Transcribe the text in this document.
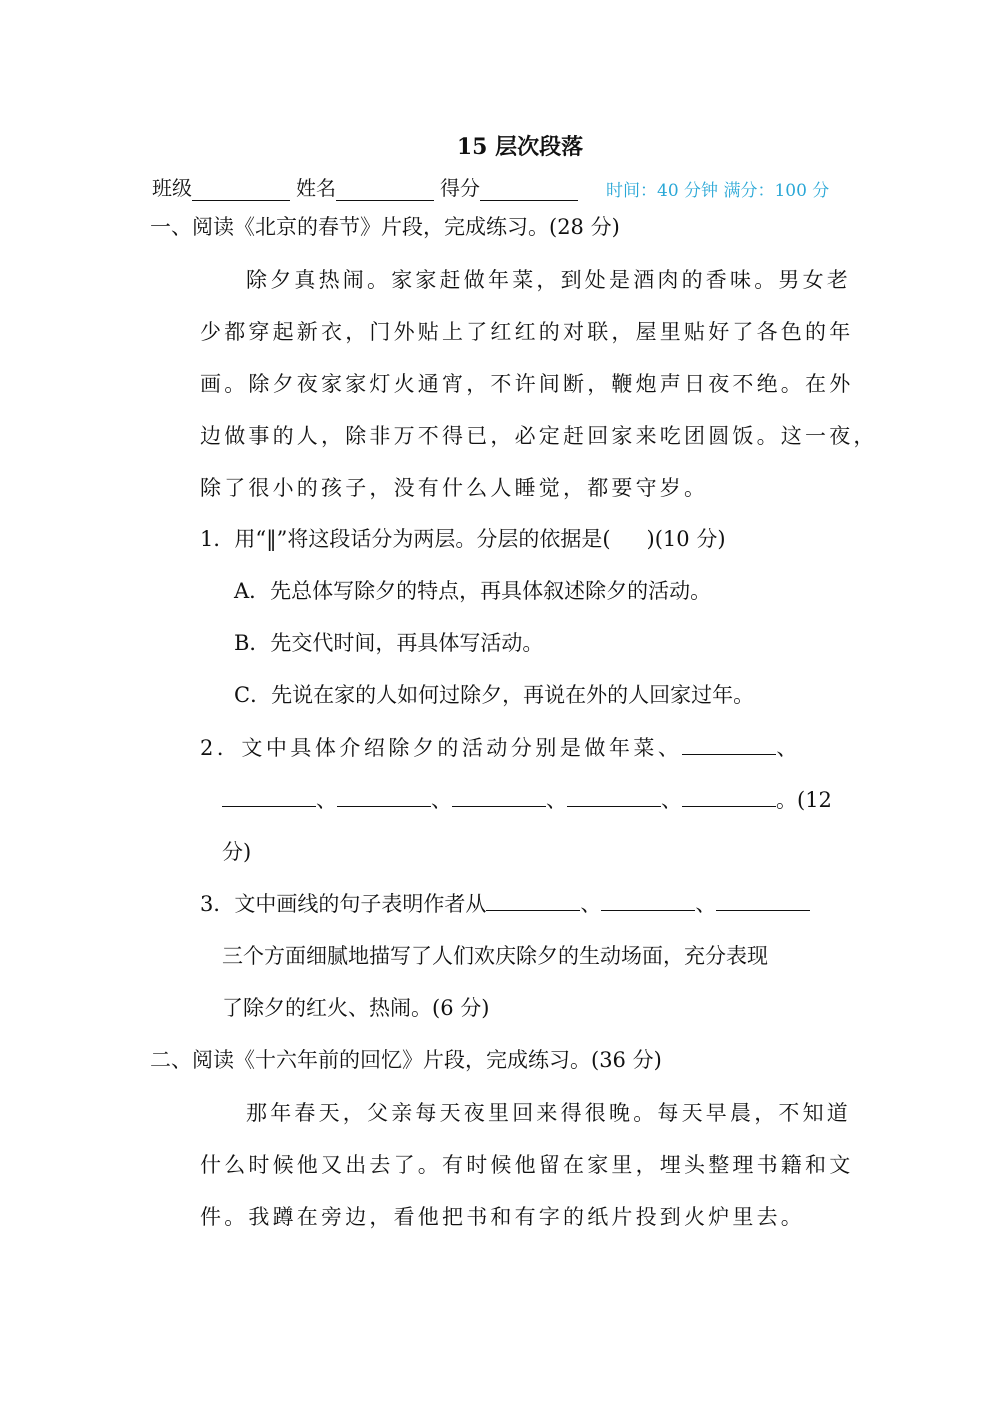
15 层次段落
班级	姓名	得分	时间：40 分钟 满分：100 分
一、阅读《北京的春节》片段，完成练习。(28 分)
除夕真热闹。家家赶做年菜，到处是酒肉的香味。男女老
少都穿起新衣，门外贴上了红红的对联，屋里贴好了各色的年
画。除夕夜家家灯火通宵，不许间断，鞭炮声日夜不绝。在外
边做事的人，除非万不得已，必定赶回家来吃团圆饭。这一夜，
除了很小的孩子，没有什么人睡觉，都要守岁。
1．用“‖”将这段话分为两层。分层的依据是( )(10 分)
A．先总体写除夕的特点，再具体叙述除夕的活动。
B．先交代时间，再具体写活动。
C．先说在家的人如何过除夕，再说在外的人回家过年。
2．文中具体介绍除夕的活动分别是做年菜、	、
、	、	、	、	。(12
分)
3．文中画线的句子表明作者从	、	、
三个方面细腻地描写了人们欢庆除夕的生动场面，充分表现
了除夕的红火、热闹。(6 分)
二、阅读《十六年前的回忆》片段，完成练习。(36 分)
那年春天，父亲每天夜里回来得很晚。每天早晨，不知道
什么时候他又出去了。有时候他留在家里，埋头整理书籍和文
件。我蹲在旁边，看他把书和有字的纸片投到火炉里去。
